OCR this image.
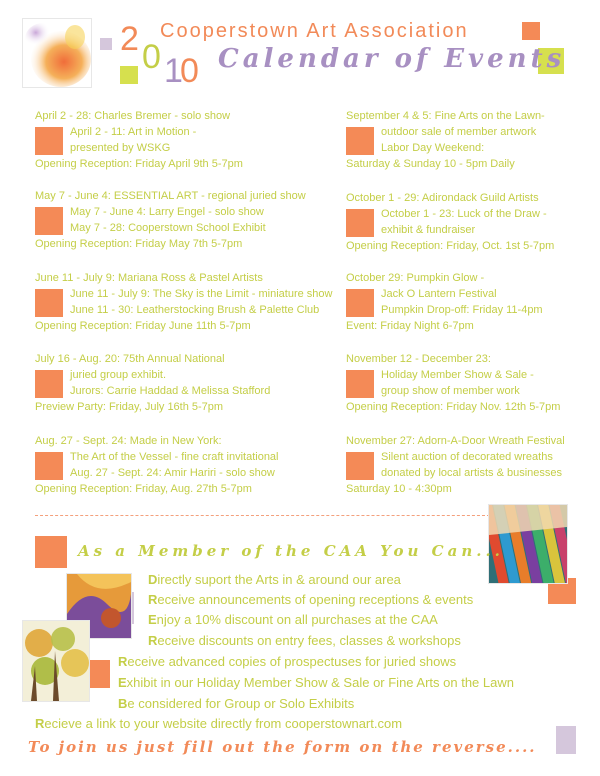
2 0 1
0
Cooperstown Art Association
Calendar of Events
April 2 - 28: Charles Bremer - solo show
April 2 - 11: Art in Motion -
presented by WSKG
Opening Reception: Friday April 9th 5-7pm
May 7 - June 4: ESSENTIAL ART - regional juried show
May 7 - June 4: Larry Engel - solo show
May 7 - 28: Cooperstown School Exhibit
Opening Reception: Friday May 7th 5-7pm
June 11 - July 9: Mariana Ross & Pastel Artists
June 11 - July 9: The Sky is the Limit - miniature show
June 11 - 30: Leatherstocking Brush & Palette Club
Opening Reception: Friday June 11th 5-7pm
July 16 - Aug. 20: 75th Annual National
juried group exhibit.
Jurors: Carrie Haddad & Melissa Stafford
Preview Party: Friday, July 16th 5-7pm
Aug. 27 - Sept. 24: Made in New York:
The Art of the Vessel - fine craft invitational
Aug. 27 - Sept. 24: Amir Hariri - solo show
Opening Reception: Friday, Aug. 27th 5-7pm
September 4 & 5: Fine Arts on the Lawn-
outdoor sale of member artwork
Labor Day Weekend:
Saturday & Sunday 10 - 5pm Daily
October 1 - 29: Adirondack Guild Artists
October 1 - 23: Luck of the Draw -
exhibit & fundraiser
Opening Reception: Friday, Oct. 1st 5-7pm
October 29: Pumpkin Glow -
Jack O Lantern Festival
Pumpkin Drop-off: Friday 11-4pm
Event: Friday Night 6-7pm
November 12 - December 23:
Holiday Member Show & Sale -
group show of member work
Opening Reception: Friday Nov. 12th 5-7pm
November 27: Adorn-A-Door Wreath Festival
Silent auction of decorated wreaths
donated by local artists & businesses
Saturday 10 - 4:30pm
As a Member of the CAA You Can...
Directly suport the Arts in & around our area
Receive announcements of opening receptions & events
Enjoy a 10% discount on all purchases at the CAA
Receive discounts on entry fees, classes & workshops
Receive advanced copies of prospectuses for juried shows
Exhibit in our Holiday Member Show & Sale or Fine Arts on the Lawn
Be considered for Group or Solo Exhibits
Recieve a link to your website directly from cooperstownart.com
To join us just fill out the form on the reverse....
